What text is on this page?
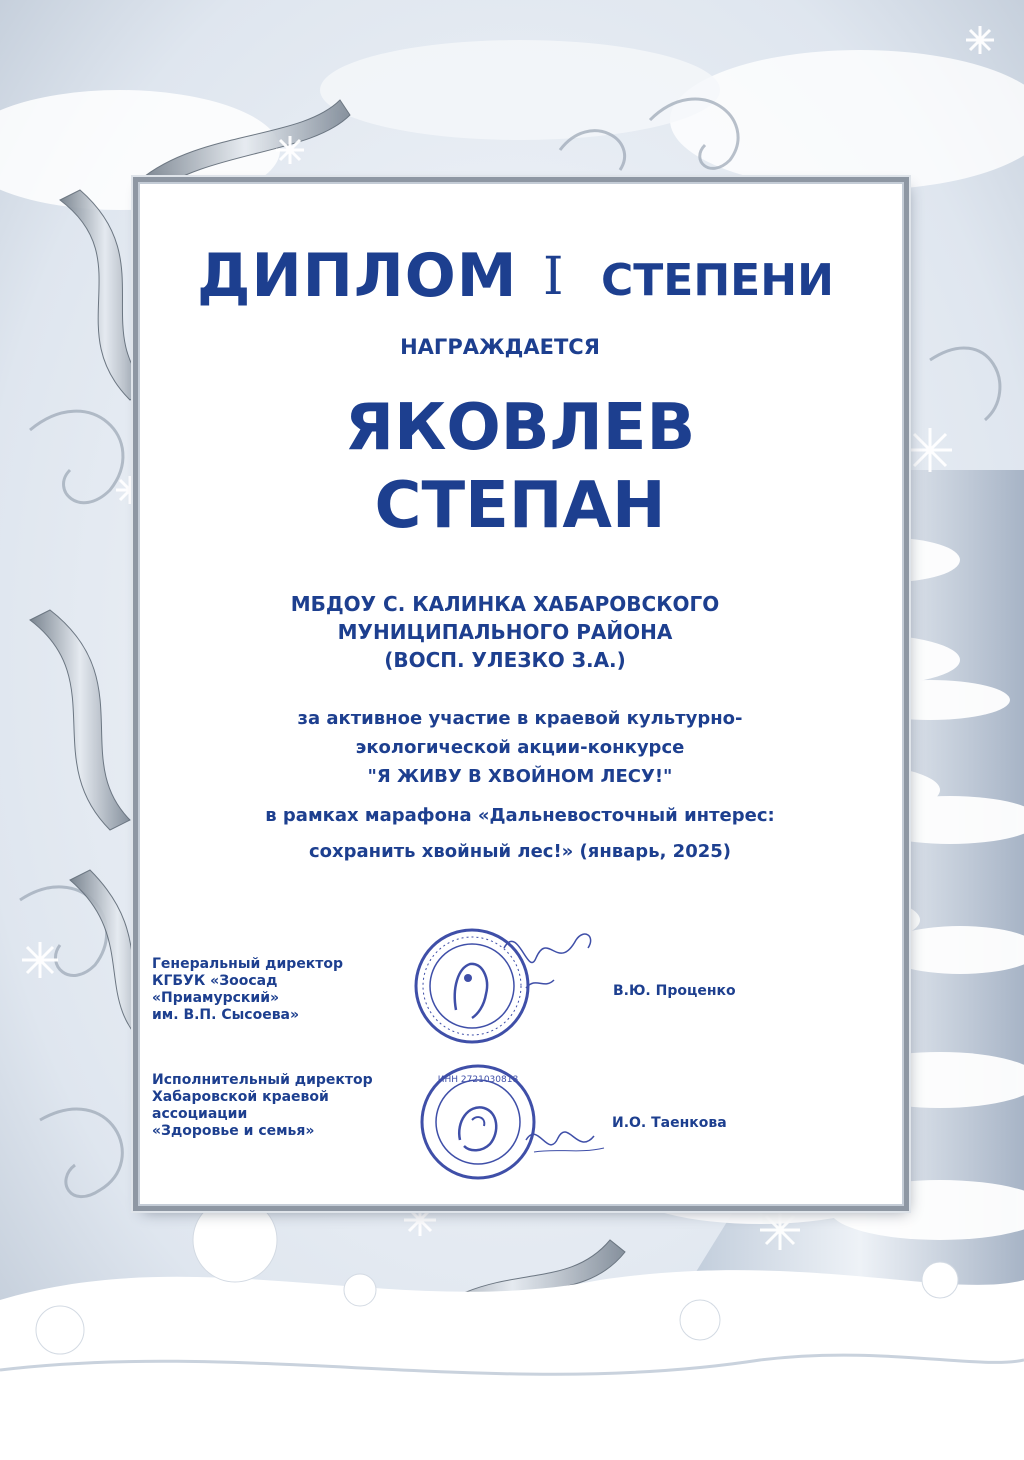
ДИПЛОМ I СТЕПЕНИ

НАГРАЖДАЕТСЯ

ЯКОВЛЕВ

СТЕПАН

МБДОУ С. КАЛИНКА ХАБАРОВСКОГО

МУНИЦИПАЛЬНОГО РАЙОНА

(ВОСП. УЛЕЗКО З.А.)

за активное участие в краевой культурно-

экологической акции-конкурсе

"Я ЖИВУ В ХВОЙНОМ ЛЕСУ!"

в рамках марафона «Дальневосточный интерес:

сохранить хвойный лес!» (январь, 2025)

Генеральный директор
КГБУК «Зоосад
«Приамурский»
им. В.П. Сысоева»
В.Ю. Проценко
Исполнительный директор
Хабаровской краевой
ассоциации
«Здоровье и семья»	И.О. Таенкова
ИНН 2721030818
